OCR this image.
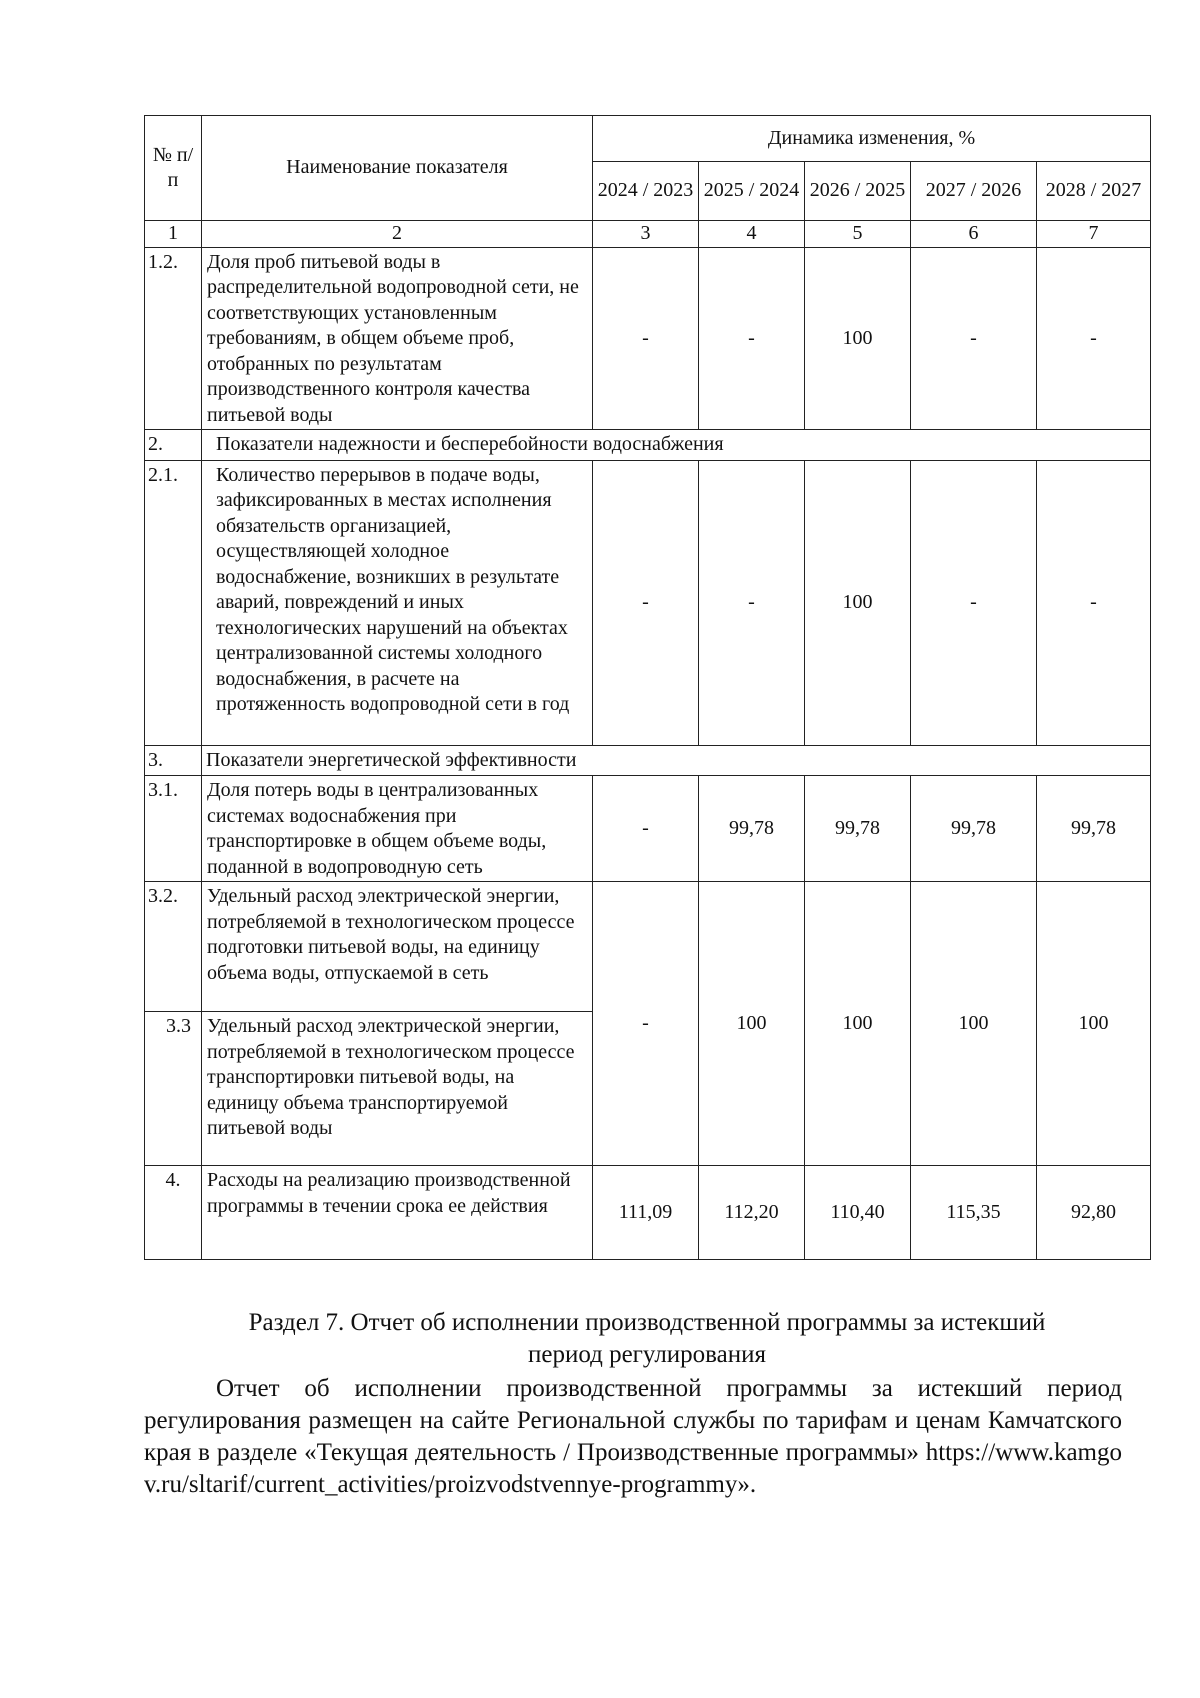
№ п/п	Наименование показателя	Динамика изменения, %				
		2024 / 2023	2025 / 2024	2026 / 2025	2027 / 2026	2028 / 2027
1	2	3	4	5	6	7
1.2.	Доля проб питьевой воды в распределительной водопроводной сети, не соответствующих установленным требованиям, в общем объеме проб, отобранных по результатам производственного контроля качества питьевой воды	-	-	100	-	-
2.	Показатели надежности и бесперебойности водоснабжения					
2.1.	Количество перерывов в подаче воды, зафиксированных в местах исполнения обязательств организацией, осуществляющей холодное водоснабжение, возникших в результате аварий, повреждений и иных технологических нарушений на объектах централизованной системы холодного водоснабжения, в расчете на протяженность водопроводной сети в год	-	-	100	-	-
3.	Показатели энергетической эффективности					
3.1.	Доля потерь воды в централизованных системах водоснабжения при транспортировке в общем объеме воды, поданной в водопроводную сеть	-	99,78	99,78	99,78	99,78
3.2.	Удельный расход электрической энергии, потребляемой в технологическом процессе подготовки питьевой воды, на единицу объема воды, отпускаемой в сеть	-	100	100	100	100
3.3	Удельный расход электрической энергии, потребляемой в технологическом процессе транспортировки питьевой воды, на единицу объема транспортируемой питьевой воды					
4.	Расходы на реализацию производственной программы в течении срока ее действия	111,09	112,20	110,40	115,35	92,80
Раздел 7. Отчет об исполнении производственной программы за истекший
период регулирования

Отчет об исполнении производственной программы за истекший период регулирования размещен на сайте Региональной службы по тарифам и ценам Камчатского края в разделе «Текущая деятельность / Производственные программы» https://www.kamgov.ru/sltarif/current_activities/proizvodstvennye-programmy».
